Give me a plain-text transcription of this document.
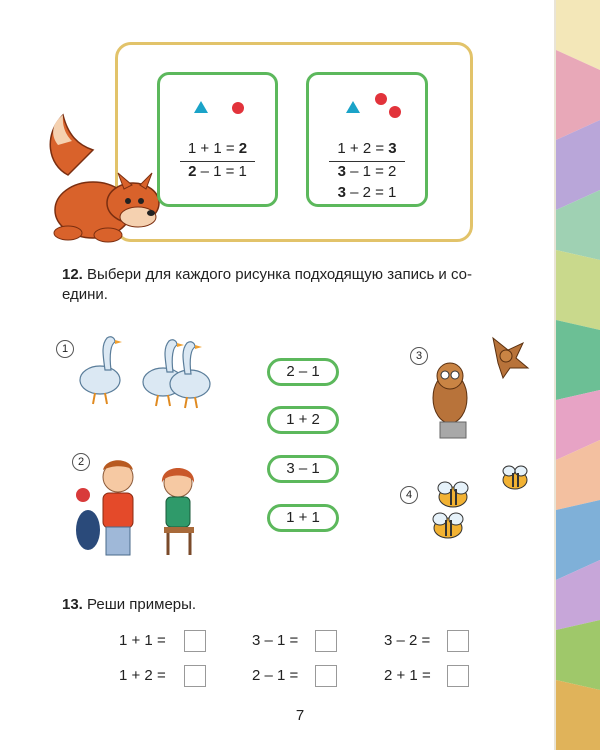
1 + 1 = 2
2 – 1 = 1
1 + 2 = 3
3 – 1 = 2
3 – 2 = 1
12. Выбери для каждого рисунка подходящую запись и со-
едини.
1
2
3
4
2 – 1
1 + 2
3 – 1
1 + 1
13. Реши примеры.
1 + 1 =	3 – 1 =	3 – 2 =
1 + 2 =	2 – 1 =	2 + 1 =
7
